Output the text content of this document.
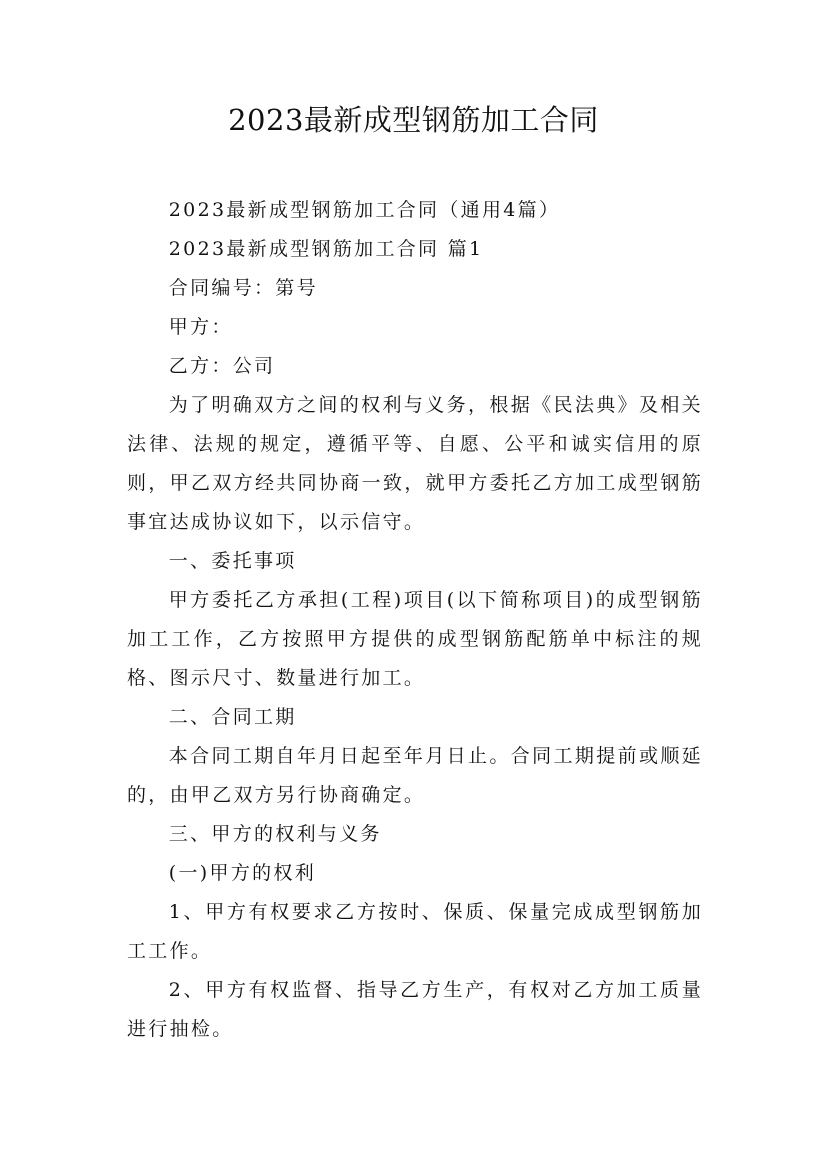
2023最新成型钢筋加工合同

2023最新成型钢筋加工合同（通用4篇）

2023最新成型钢筋加工合同 篇1

合同编号：第号

甲方：

乙方：公司

为了明确双方之间的权利与义务，根据《民法典》及相关法律、法规的规定，遵循平等、自愿、公平和诚实信用的原则，甲乙双方经共同协商一致，就甲方委托乙方加工成型钢筋事宜达成协议如下，以示信守。

一、委托事项

甲方委托乙方承担(工程)项目(以下简称项目)的成型钢筋加工工作，乙方按照甲方提供的成型钢筋配筋单中标注的规格、图示尺寸、数量进行加工。

二、合同工期

本合同工期自年月日起至年月日止。合同工期提前或顺延的，由甲乙双方另行协商确定。

三、甲方的权利与义务

(一)甲方的权利

1、甲方有权要求乙方按时、保质、保量完成成型钢筋加工工作。

2、甲方有权监督、指导乙方生产，有权对乙方加工质量进行抽检。
